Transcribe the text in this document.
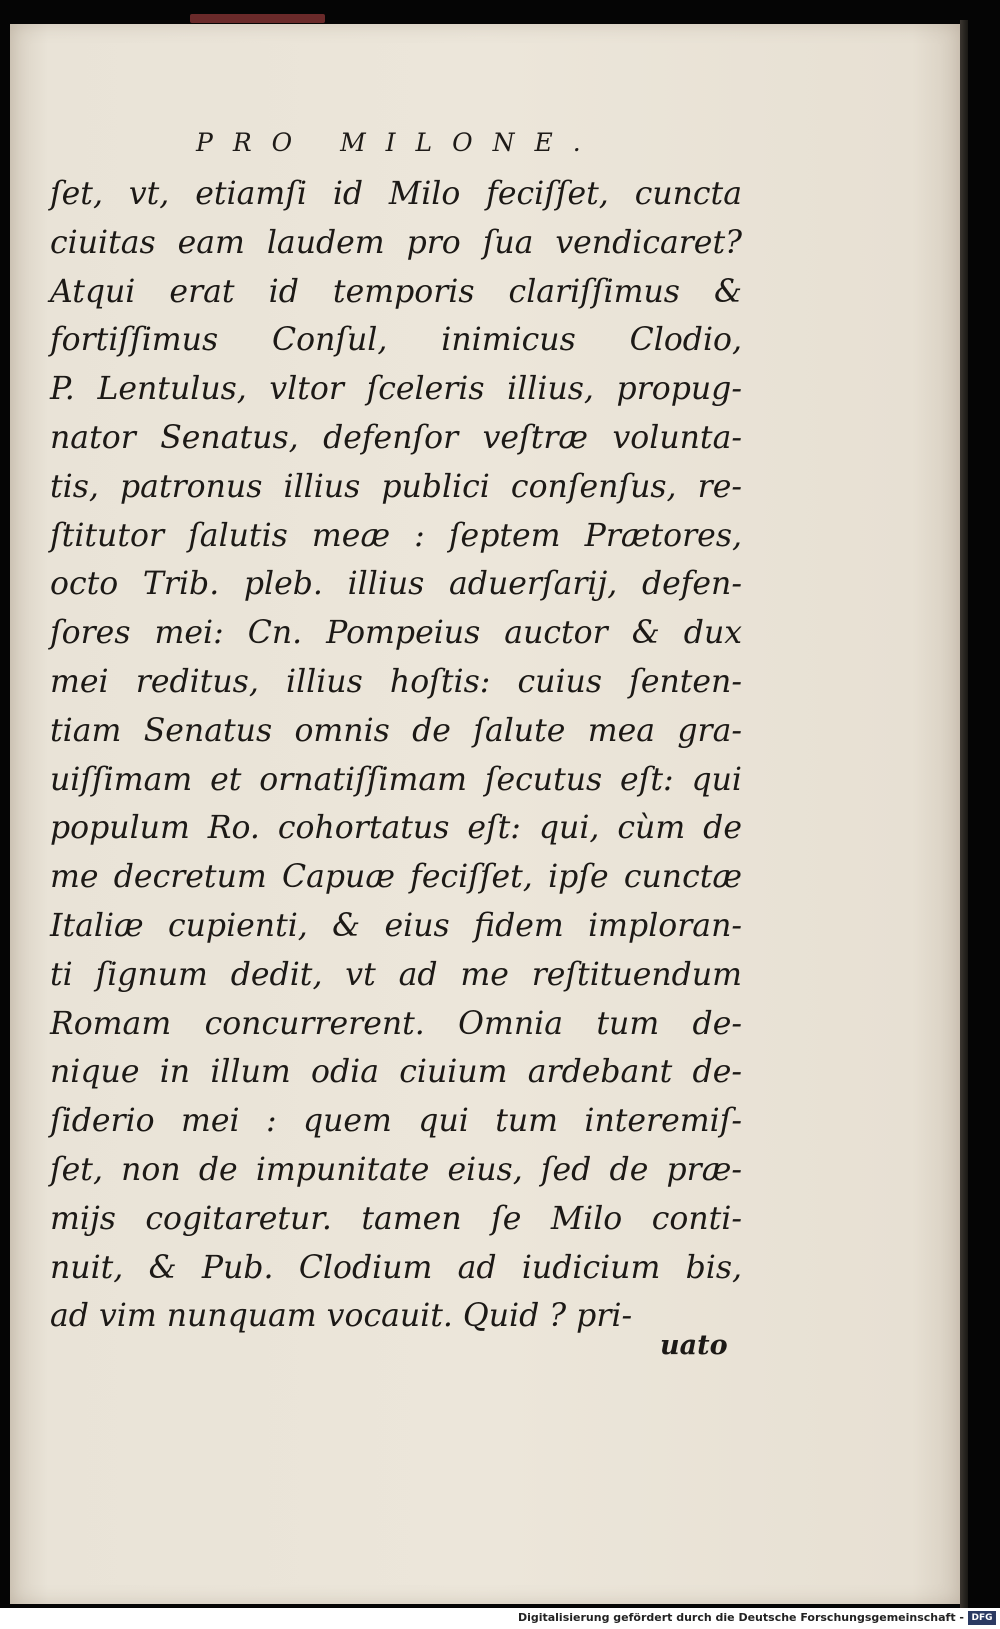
PRO MILONE.
ſet, vt, etiamſi id Milo feciſſet, cuncta
ciuitas eam laudem pro ſua vendicaret?
Atqui erat id temporis clariſſimus &
fortiſſimus Conſul, inimicus Clodio,
P. Lentulus, vltor ſceleris illius, propug-
nator Senatus, defenſor veſtræ volunta-
tis, patronus illius publici conſenſus, re-
ſtitutor ſalutis meæ : ſeptem Prætores,
octo Trib. pleb. illius aduerſarij, defen-
ſores mei: Cn. Pompeius auctor & dux
mei reditus, illius hoſtis: cuius ſenten-
tiam Senatus omnis de ſalute mea gra-
uiſſimam et ornatiſſimam ſecutus eſt: qui
populum Ro. cohortatus eſt: qui, cùm de
me decretum Capuæ feciſſet, ipſe cunctæ
Italiæ cupienti, & eius fidem imploran-
ti ſignum dedit, vt ad me reſtituendum
Romam concurrerent. Omnia tum de-
nique in illum odia ciuium ardebant de-
ſiderio mei : quem qui tum interemiſ-
ſet, non de impunitate eius, ſed de præ-
mijs cogitaretur. tamen ſe Milo conti-
nuit, & Pub. Clodium ad iudicium bis,
ad vim nunquam vocauit. Quid ? pri-
uato
Digitalisierung gefördert durch die Deutsche Forschungsgemeinschaft - DFG
